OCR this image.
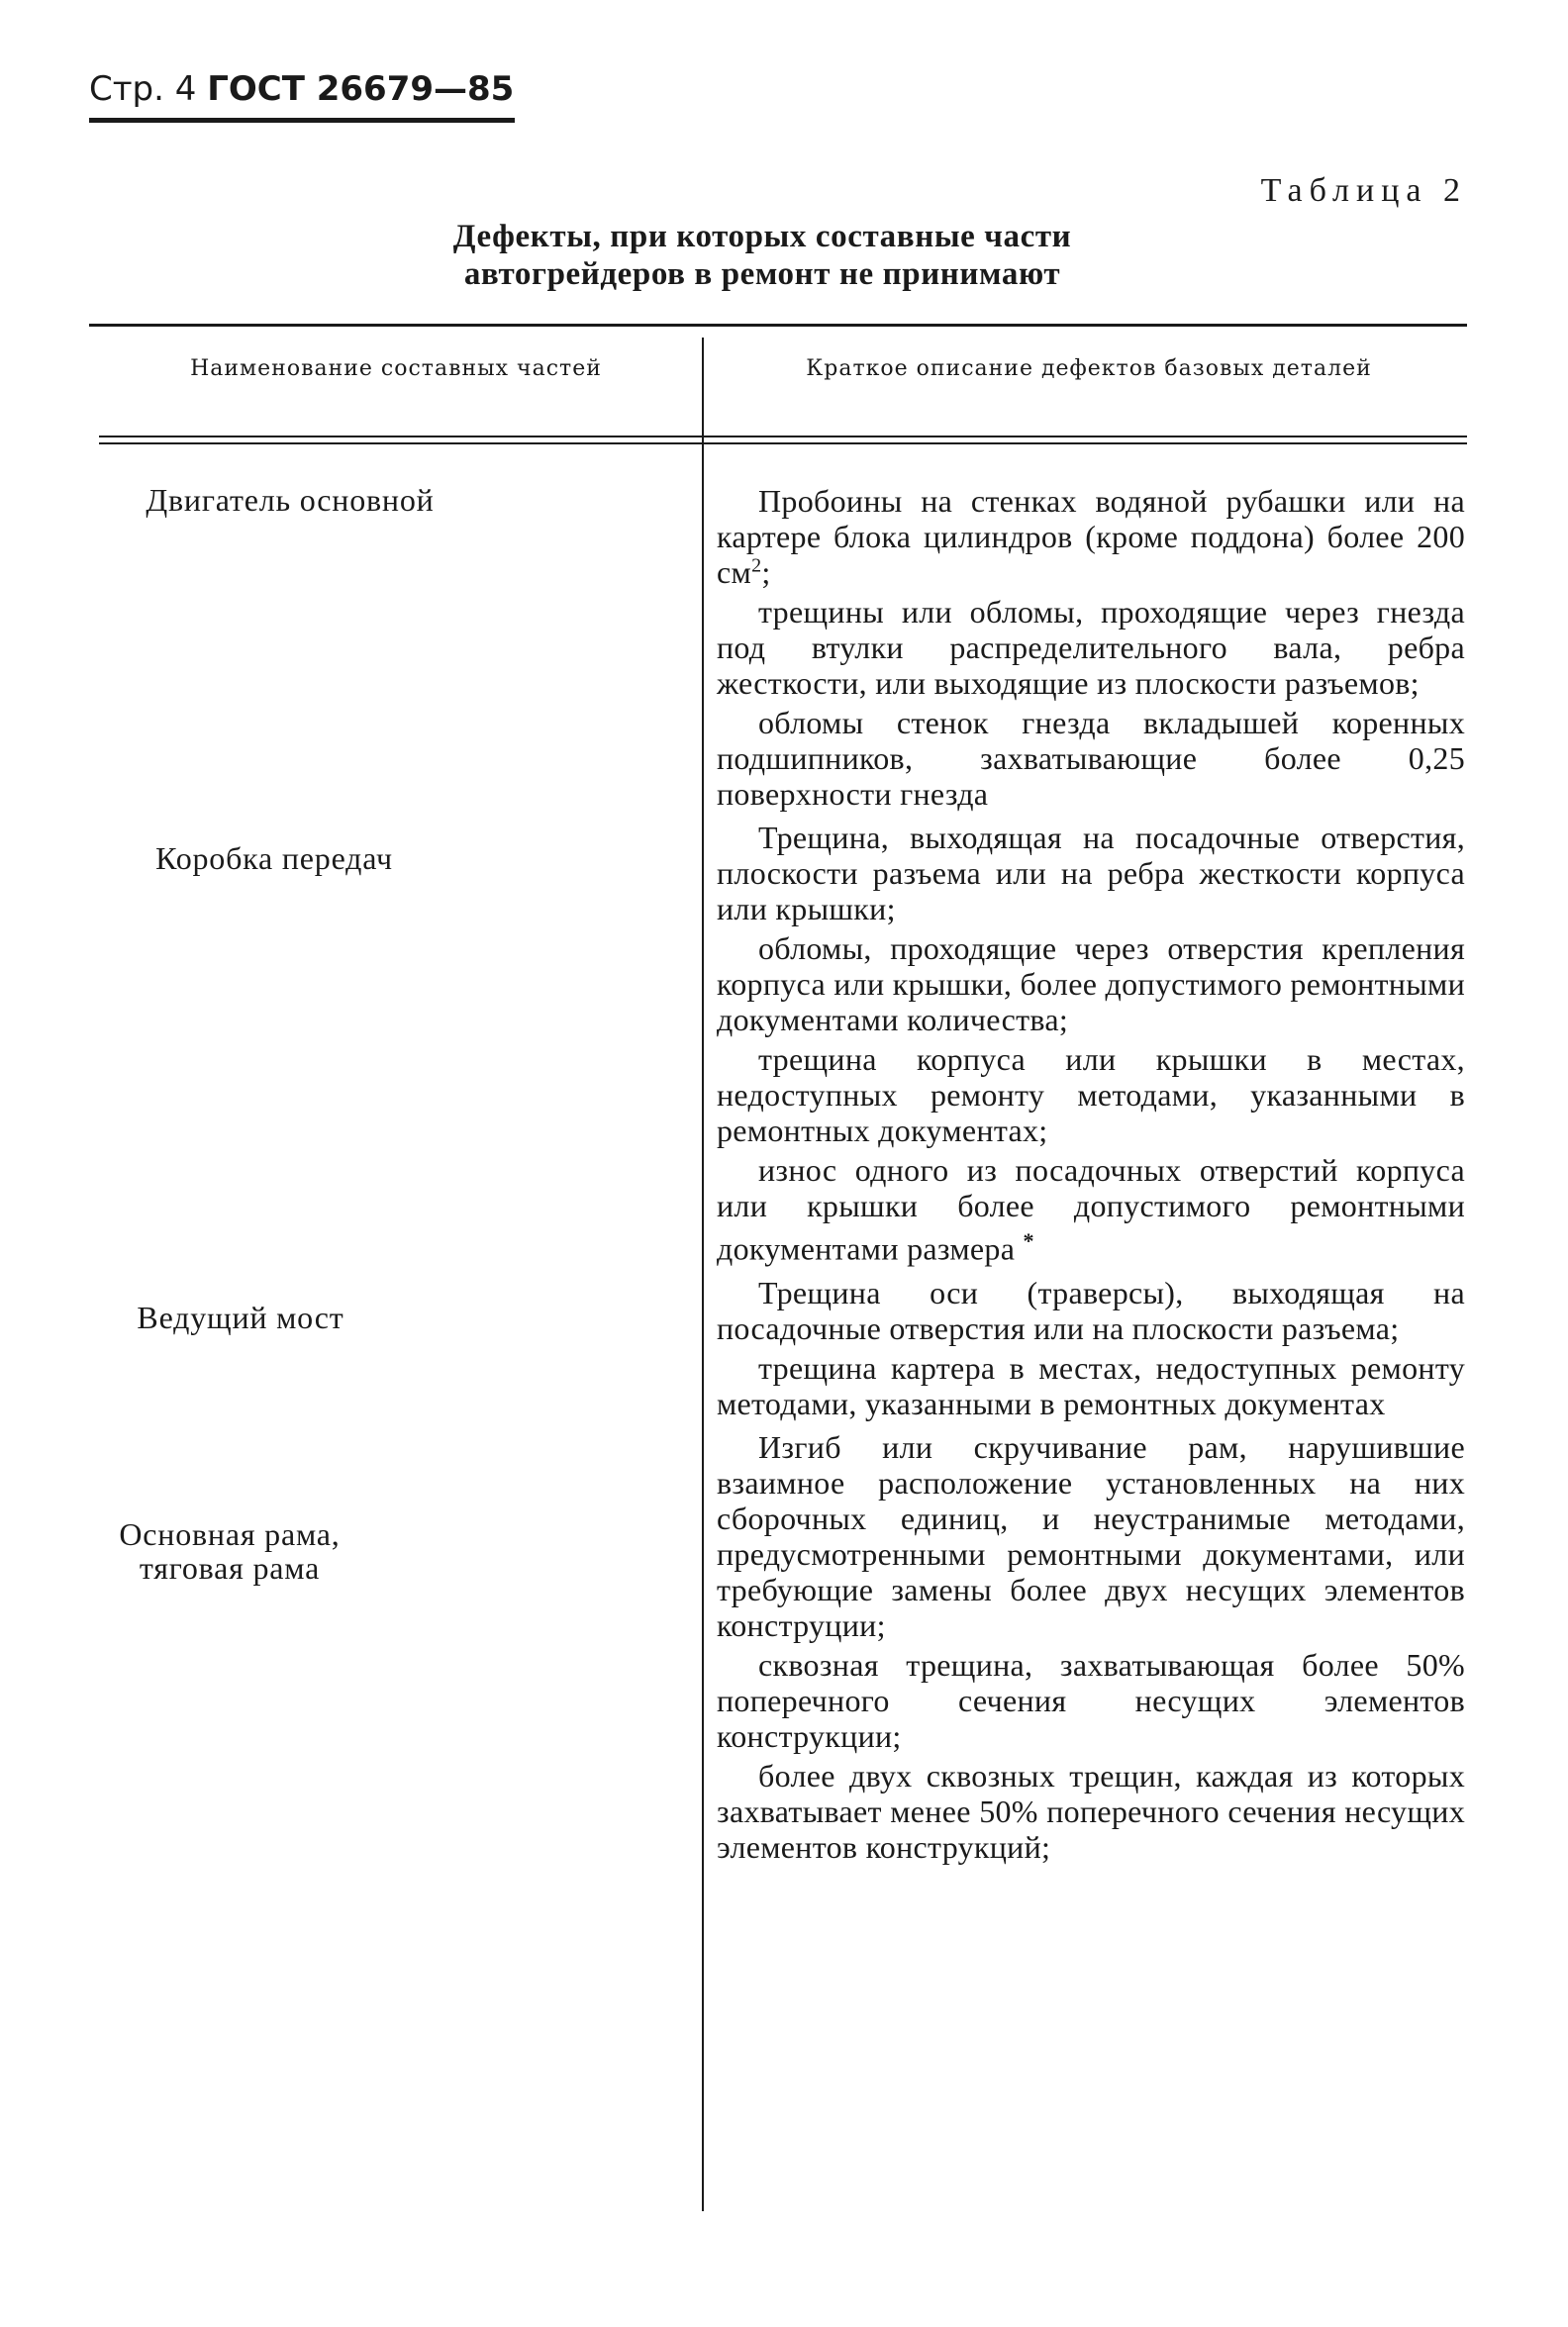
Стр. 4 ГОСТ 26679—85
Таблица 2
Дефекты, при которых составные части
автогрейдеров в ремонт не принимают
Наименование составных частей	Краткое описание дефектов базовых деталей
Двигатель основной
Коробка передач
Ведущий мост
Основная рама,
тяговая рама

Пробоины на стенках водяной рубашки или на картере блока цилиндров (кроме поддона) более 200 $см^2$;

трещины или обломы, проходящие через гнезда под втулки распределительного вала, ребра жесткости, или выходящие из плоскости разъемов;

обломы стенок гнезда вкладышей коренных подшипников, захватывающие более 0,25 поверхности гнезда

Трещина, выходящая на посадочные отверстия, плоскости разъема или на ребра жесткости корпуса или крышки;

обломы, проходящие через отверстия крепления корпуса или крышки, более допустимого ремонтными документами количества;

трещина корпуса или крышки в местах, недоступных ремонту методами, указанными в ремонтных документах;

износ одного из посадочных отверстий корпуса или крышки более допустимого ремонтными документами размера *

Трещина оси (траверсы), выходящая на посадочные отверстия или на плоскости разъема;

трещина картера в местах, недоступных ремонту методами, указанными в ремонтных документах

Изгиб или скручивание рам, нарушившие взаимное расположение установленных на них сборочных единиц, и неустранимые методами, предусмотренными ремонтными документами, или требующие замены более двух несущих элементов конструции;

сквозная трещина, захватывающая более 50% поперечного сечения несущих элементов конструкции;

более двух сквозных трещин, каждая из которых захватывает менее 50% поперечного сечения несущих элементов конструкций;
